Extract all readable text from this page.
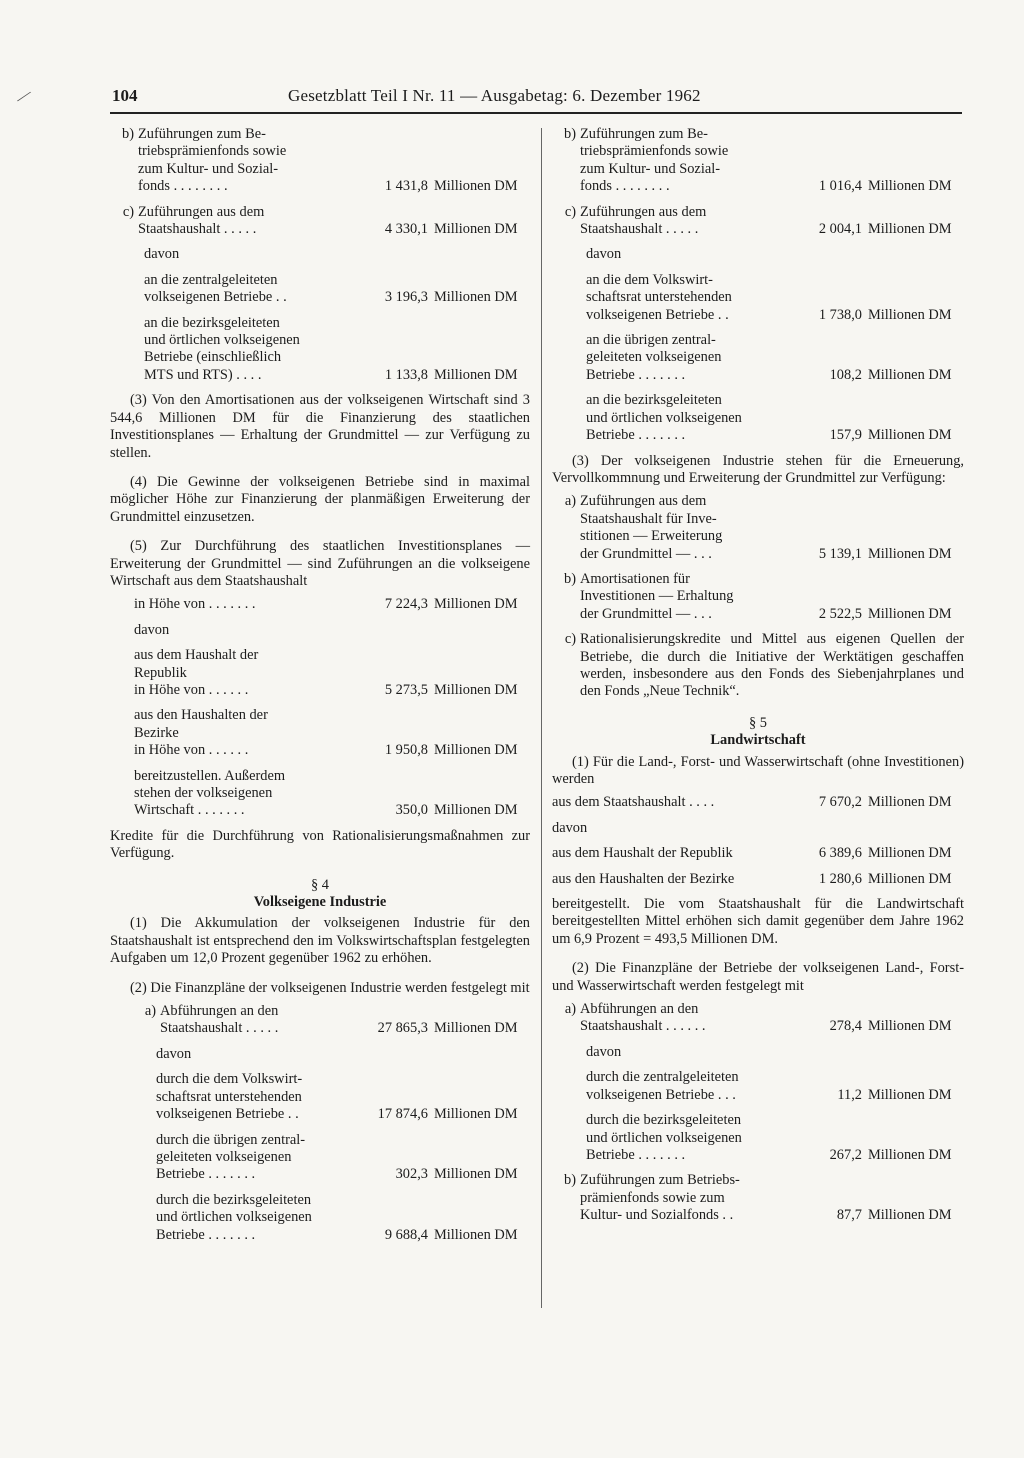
∕	104	Gesetzblatt Teil I Nr. 11 — Ausgabetag: 6. Dezember 1962
b) Zuführungen zum Be-
triebsprämienfonds sowie
zum Kultur- und Sozial-
fonds . . . . . . . .	1 431,8 Millionen DM
c) Zuführungen aus dem
Staatshaushalt . . . . .	4 330,1 Millionen DM
davon
an die zentralgeleiteten
volkseigenen Betriebe . .	3 196,3 Millionen DM
an die bezirksgeleiteten
und örtlichen volkseigenen
Betriebe (einschließlich
MTS und RTS) . . . .	1 133,8 Millionen DM

(3) Von den Amortisationen aus der volkseigenen Wirtschaft sind 3 544,6 Millionen DM für die Finanzierung des staatlichen Investitionsplanes — Erhaltung der Grundmittel — zur Verfügung zu stellen.

(4) Die Gewinne der volkseigenen Betriebe sind in maximal möglicher Höhe zur Finanzierung der planmäßigen Erweiterung der Grundmittel einzusetzen.

(5) Zur Durchführung des staatlichen Investitionsplanes — Erweiterung der Grundmittel — sind Zuführungen an die volkseigene Wirtschaft aus dem Staatshaushalt

in Höhe von . . . . . . .	7 224,3 Millionen DM
davon
aus dem Haushalt der
Republik
in Höhe von . . . . . .	5 273,5 Millionen DM
aus den Haushalten der
Bezirke
in Höhe von . . . . . .	1 950,8 Millionen DM
bereitzustellen. Außerdem
stehen der volkseigenen
Wirtschaft . . . . . . .	350,0 Millionen DM

Kredite für die Durchführung von Rationalisierungsmaßnahmen zur Verfügung.

§ 4
Volkseigene Industrie

(1) Die Akkumulation der volkseigenen Industrie für den Staatshaushalt ist entsprechend den im Volkswirtschaftsplan festgelegten Aufgaben um 12,0 Prozent gegenüber 1962 zu erhöhen.

(2) Die Finanzpläne der volkseigenen Industrie werden festgelegt mit

a) Abführungen an den
Staatshaushalt . . . . .	27 865,3 Millionen DM
davon
durch die dem Volkswirt-
schaftsrat unterstehenden
volkseigenen Betriebe . .	17 874,6 Millionen DM
durch die übrigen zentral-
geleiteten volkseigenen
Betriebe . . . . . . .	302,3 Millionen DM
durch die bezirksgeleiteten
und örtlichen volkseigenen
Betriebe . . . . . . .	9 688,4 Millionen DM
b) Zuführungen zum Be-
triebsprämienfonds sowie
zum Kultur- und Sozial-
fonds . . . . . . . .	1 016,4 Millionen DM
c) Zuführungen aus dem
Staatshaushalt . . . . .	2 004,1 Millionen DM
davon
an die dem Volkswirt-
schaftsrat unterstehenden
volkseigenen Betriebe . .	1 738,0 Millionen DM
an die übrigen zentral-
geleiteten volkseigenen
Betriebe . . . . . . .	108,2 Millionen DM
an die bezirksgeleiteten
und örtlichen volkseigenen
Betriebe . . . . . . .	157,9 Millionen DM

(3) Der volkseigenen Industrie stehen für die Erneuerung, Vervollkommnung und Erweiterung der Grundmittel zur Verfügung:

a) Zuführungen aus dem
Staatshaushalt für Inve-
stitionen — Erweiterung
der Grundmittel — . . .	5 139,1 Millionen DM
b) Amortisationen für
Investitionen — Erhaltung
der Grundmittel — . . .	2 522,5 Millionen DM
c) Rationalisierungskredite und Mittel aus eigenen Quellen der Betriebe, die durch die Initiative der Werktätigen geschaffen werden, insbesondere aus den Fonds des Siebenjahrplanes und den Fonds „Neue Technik“.
§ 5
Landwirtschaft

(1) Für die Land-, Forst- und Wasserwirtschaft (ohne Investitionen) werden

aus dem Staatshaushalt . . . .	7 670,2 Millionen DM
davon
aus dem Haushalt der Republik	6 389,6 Millionen DM
aus den Haushalten der Bezirke	1 280,6 Millionen DM

bereitgestellt. Die vom Staatshaushalt für die Landwirtschaft bereitgestellten Mittel erhöhen sich damit gegenüber dem Jahre 1962 um 6,9 Prozent = 493,5 Millionen DM.

(2) Die Finanzpläne der Betriebe der volkseigenen Land-, Forst- und Wasserwirtschaft werden festgelegt mit

a) Abführungen an den
Staatshaushalt . . . . . .	278,4 Millionen DM
davon
durch die zentralgeleiteten
volkseigenen Betriebe . . .	11,2 Millionen DM
durch die bezirksgeleiteten
und örtlichen volkseigenen
Betriebe . . . . . . .	267,2 Millionen DM
b) Zuführungen zum Betriebs-
prämienfonds sowie zum
Kultur- und Sozialfonds . .	87,7 Millionen DM
